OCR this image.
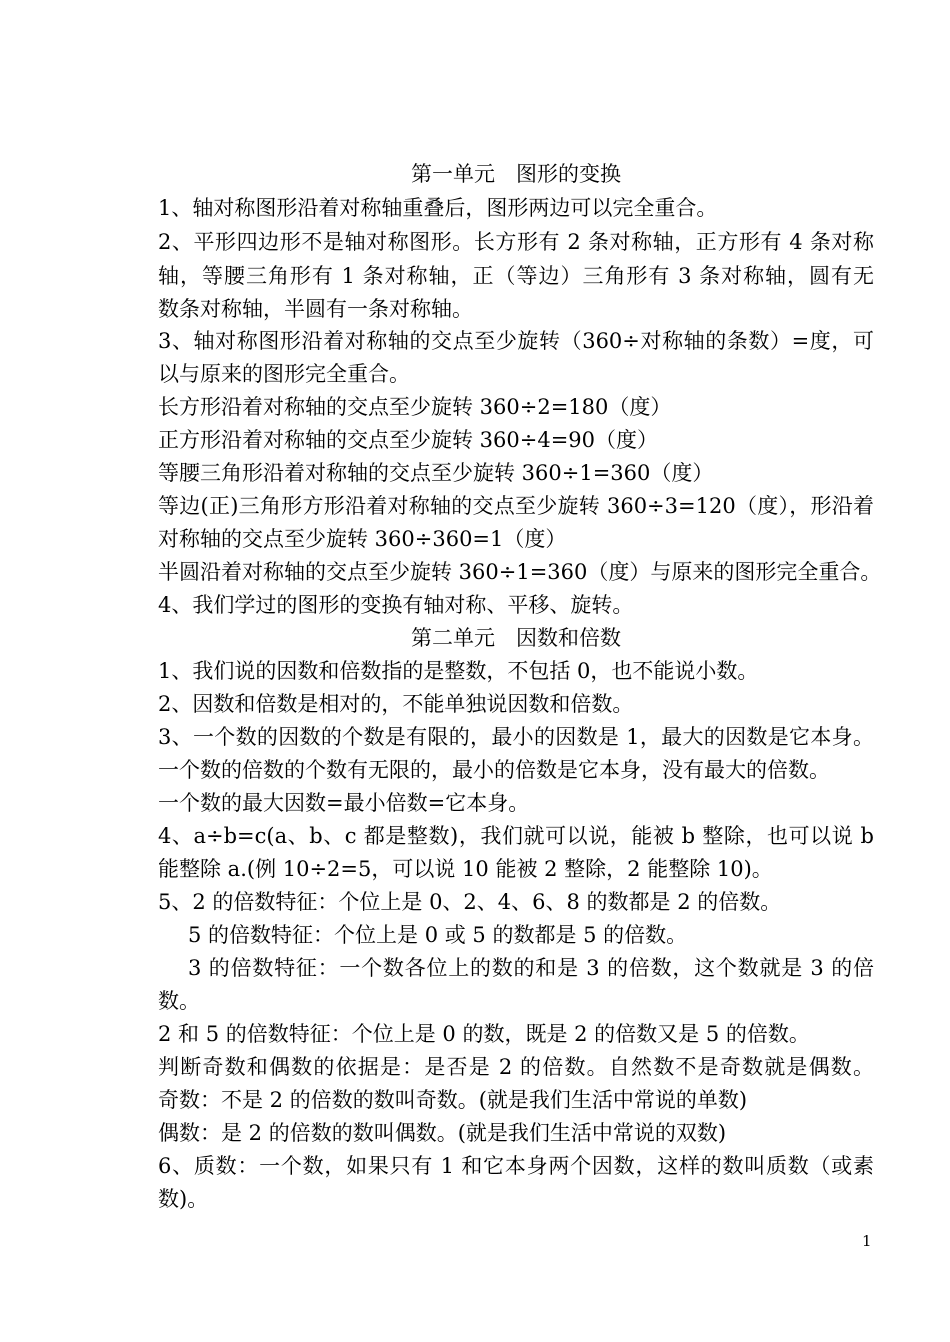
第一单元　图形的变换
1、轴对称图形沿着对称轴重叠后，图形两边可以完全重合。
2、平形四边形不是轴对称图形。长方形有 2 条对称轴，正方形有 4 条对称
轴，等腰三角形有 1 条对称轴，正（等边）三角形有 3 条对称轴，圆有无
数条对称轴，半圆有一条对称轴。
3、轴对称图形沿着对称轴的交点至少旋转（360÷对称轴的条数）=度，可
以与原来的图形完全重合。
长方形沿着对称轴的交点至少旋转 360÷2=180（度）
正方形沿着对称轴的交点至少旋转 360÷4=90（度）
等腰三角形沿着对称轴的交点至少旋转 360÷1=360（度）
等边(正)三角形方形沿着对称轴的交点至少旋转 360÷3=120（度），形沿着
对称轴的交点至少旋转 360÷360=1（度）
半圆沿着对称轴的交点至少旋转 360÷1=360（度）与原来的图形完全重合。
4、我们学过的图形的变换有轴对称、平移、旋转。
第二单元　因数和倍数
1、我们说的因数和倍数指的是整数，不包括 0，也不能说小数。
2、因数和倍数是相对的，不能单独说因数和倍数。
3、一个数的因数的个数是有限的，最小的因数是 1，最大的因数是它本身。
一个数的倍数的个数有无限的，最小的倍数是它本身，没有最大的倍数。
一个数的最大因数=最小倍数=它本身。
4、a÷b=c(a、b、c 都是整数)，我们就可以说，能被 b 整除，也可以说 b
能整除 a.(例 10÷2=5，可以说 10 能被 2 整除，2 能整除 10)。
5、2 的倍数特征：个位上是 0、2、4、6、8 的数都是 2 的倍数。
5 的倍数特征：个位上是 0 或 5 的数都是 5 的倍数。
3 的倍数特征：一个数各位上的数的和是 3 的倍数，这个数就是 3 的倍
数。
2 和 5 的倍数特征：个位上是 0 的数，既是 2 的倍数又是 5 的倍数。
判断奇数和偶数的依据是：是否是 2 的倍数。自然数不是奇数就是偶数。
奇数：不是 2 的倍数的数叫奇数。(就是我们生活中常说的单数)
偶数：是 2 的倍数的数叫偶数。(就是我们生活中常说的双数)
6、质数：一个数，如果只有 1 和它本身两个因数，这样的数叫质数（或素
数)。
1
